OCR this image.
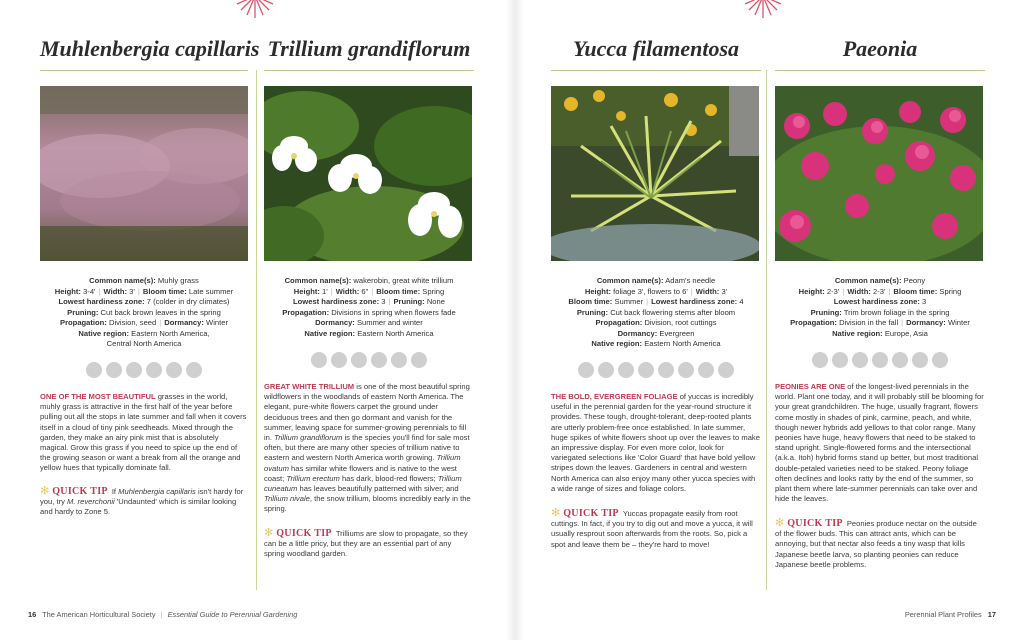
Muhlenbergia capillaris
Common name(s): Muhly grass
Height: 3-4' | Width: 3' | Bloom time: Late summer
Lowest hardiness zone: 7 (colder in dry climates)
Pruning: Cut back brown leaves in the spring
Propagation: Division, seed | Dormancy: Winter
Native region: Eastern North America,
Central North America

ONE OF THE MOST BEAUTIFUL grasses in the world, muhly grass is attractive in the first half of the year before pulling out all the stops in late summer and fall when it covers itself in a cloud of tiny pink seedheads. Mixed through the garden, they make an airy pink mist that is absolutely magical. Grow this grass if you need to spice up the end of the growing season or want a break from all the orange and yellow hues that typically dominate fall.

✻ QUICK TIP If Muhlenbergia capillaris isn't hardy for you, try M. reverchonii 'Undaunted' which is similar looking and hardy to Zone 5.

Trillium grandiflorum
Common name(s): wakerobin, great white trillium
Height: 1' | Width: 6" | Bloom time: Spring
Lowest hardiness zone: 3 | Pruning: None
Propagation: Divisions in spring when flowers fade
Dormancy: Summer and winter
Native region: Eastern North America

GREAT WHITE TRILLIUM is one of the most beautiful spring wildflowers in the woodlands of eastern North America. The elegant, pure-white flowers carpet the ground under deciduous trees and then go dormant and vanish for the summer, leaving space for summer-growing perennials to fill in. Trillium grandiflorum is the species you'll find for sale most often, but there are many other species of trillium native to eastern and western North America worth growing. Trillium ovatum has similar white flowers and is native to the west coast; Trillium erectum has dark, blood-red flowers; Trillium cuneatum has leaves beautifully patterned with silver; and Trillium nivale, the snow trillium, blooms incredibly early in the spring.

✻ QUICK TIP Trilliums are slow to propagate, so they can be a little pricy, but they are an essential part of any spring woodland garden.

Yucca filamentosa
Common name(s): Adam's needle
Height: foliage 3', flowers to 6' | Width: 3'
Bloom time: Summer | Lowest hardiness zone: 4
Pruning: Cut back flowering stems after bloom
Propagation: Division, root cuttings
Dormancy: Evergreen
Native region: Eastern North America

THE BOLD, EVERGREEN FOLIAGE of yuccas is incredibly useful in the perennial garden for the year-round structure it provides. These tough, drought-tolerant, deep-rooted plants are utterly problem-free once established. In late summer, huge spikes of white flowers shoot up over the leaves to make an impressive display. For even more color, look for variegated selections like 'Color Guard' that have bold yellow stripes down the leaves. Gardeners in central and western North America can also enjoy many other yucca species with a wide range of sizes and foliage colors.

✻ QUICK TIP Yuccas propagate easily from root cuttings. In fact, if you try to dig out and move a yucca, it will usually resprout soon afterwards from the roots. So, pick a spot and leave them be – they're hard to move!

Paeonia
Common name(s): Peony
Height: 2-3' | Width: 2-3' | Bloom time: Spring
Lowest hardiness zone: 3
Pruning: Trim brown foliage in the spring
Propagation: Division in the fall | Dormancy: Winter
Native region: Europe, Asia

PEONIES ARE ONE of the longest-lived perennials in the world. Plant one today, and it will probably still be blooming for your great grandchildren. The huge, usually fragrant, flowers come mostly in shades of pink, carmine, peach, and white, though newer hybrids add yellows to that color range. Many peonies have huge, heavy flowers that need to be staked to stand upright. Single-flowered forms and the intersectional (a.k.a. Itoh) hybrid forms stand up better, but most traditional double-petaled varieties need to be staked. Peony foliage often declines and looks ratty by the end of the summer, so plant them where late-summer perennials can take over and hide the leaves.

✻ QUICK TIP Peonies produce nectar on the outside of the flower buds. This can attract ants, which can be annoying, but that nectar also feeds a tiny wasp that kills Japanese beetle larva, so planting peonies can reduce Japanese beetle problems.

16 The American Horticultural Society | Essential Guide to Perennial Gardening	Perennial Plant Profiles 17
